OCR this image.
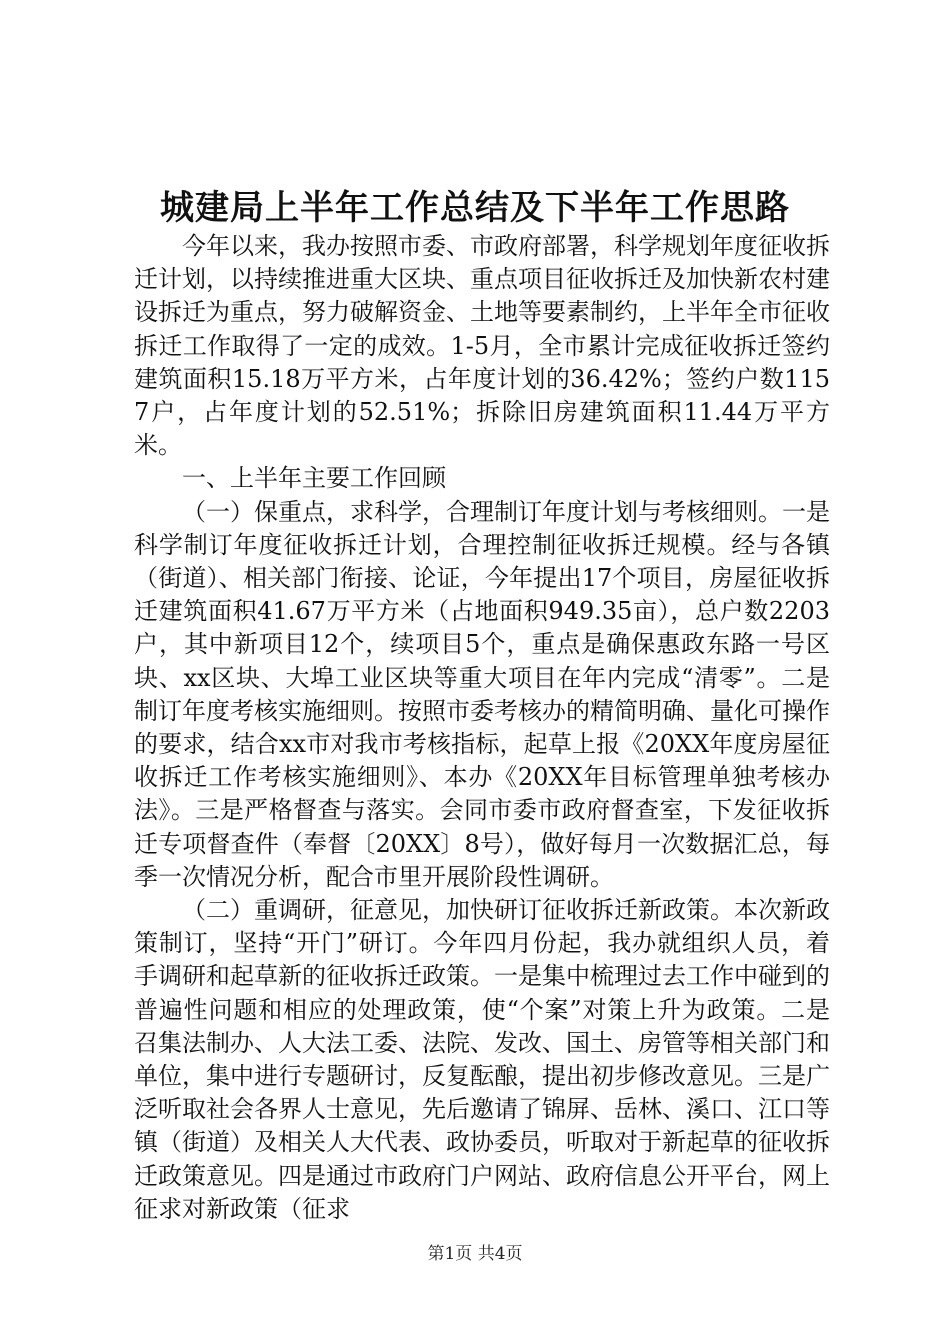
城建局上半年工作总结及下半年工作思路

今年以来，我办按照市委、市政府部署，科学规划年度征收拆迁计划，以持续推进重大区块、重点项目征收拆迁及加快新农村建设拆迁为重点，努力破解资金、土地等要素制约，上半年全市征收拆迁工作取得了一定的成效。1-5月，全市累计完成征收拆迁签约建筑面积15.18万平方米，占年度计划的36.42%；签约户数1157户，占年度计划的52.51%；拆除旧房建筑面积11.44万平方米。

一、上半年主要工作回顾

（一）保重点，求科学，合理制订年度计划与考核细则。一是科学制订年度征收拆迁计划，合理控制征收拆迁规模。经与各镇（街道）、相关部门衔接、论证，今年提出17个项目，房屋征收拆迁建筑面积41.67万平方米（占地面积949.35亩），总户数2203户，其中新项目12个，续项目5个，重点是确保惠政东路一号区块、xx区块、大埠工业区块等重大项目在年内完成“清零”。二是制订年度考核实施细则。按照市委考核办的精简明确、量化可操作的要求，结合xx市对我市考核指标，起草上报《20XX年度房屋征收拆迁工作考核实施细则》、本办《20XX年目标管理单独考核办法》。三是严格督查与落实。会同市委市政府督查室，下发征收拆迁专项督查件（奉督〔20XX〕8号），做好每月一次数据汇总，每季一次情况分析，配合市里开展阶段性调研。

（二）重调研，征意见，加快研订征收拆迁新政策。本次新政策制订，坚持“开门”研订。今年四月份起，我办就组织人员，着手调研和起草新的征收拆迁政策。一是集中梳理过去工作中碰到的普遍性问题和相应的处理政策，使“个案”对策上升为政策。二是召集法制办、人大法工委、法院、发改、国土、房管等相关部门和单位，集中进行专题研讨，反复酝酿，提出初步修改意见。三是广泛听取社会各界人士意见，先后邀请了锦屏、岳林、溪口、江口等镇（街道）及相关人大代表、政协委员，听取对于新起草的征收拆迁政策意见。四是通过市政府门户网站、政府信息公开平台，网上征求对新政策（征求

第1页 共4页
